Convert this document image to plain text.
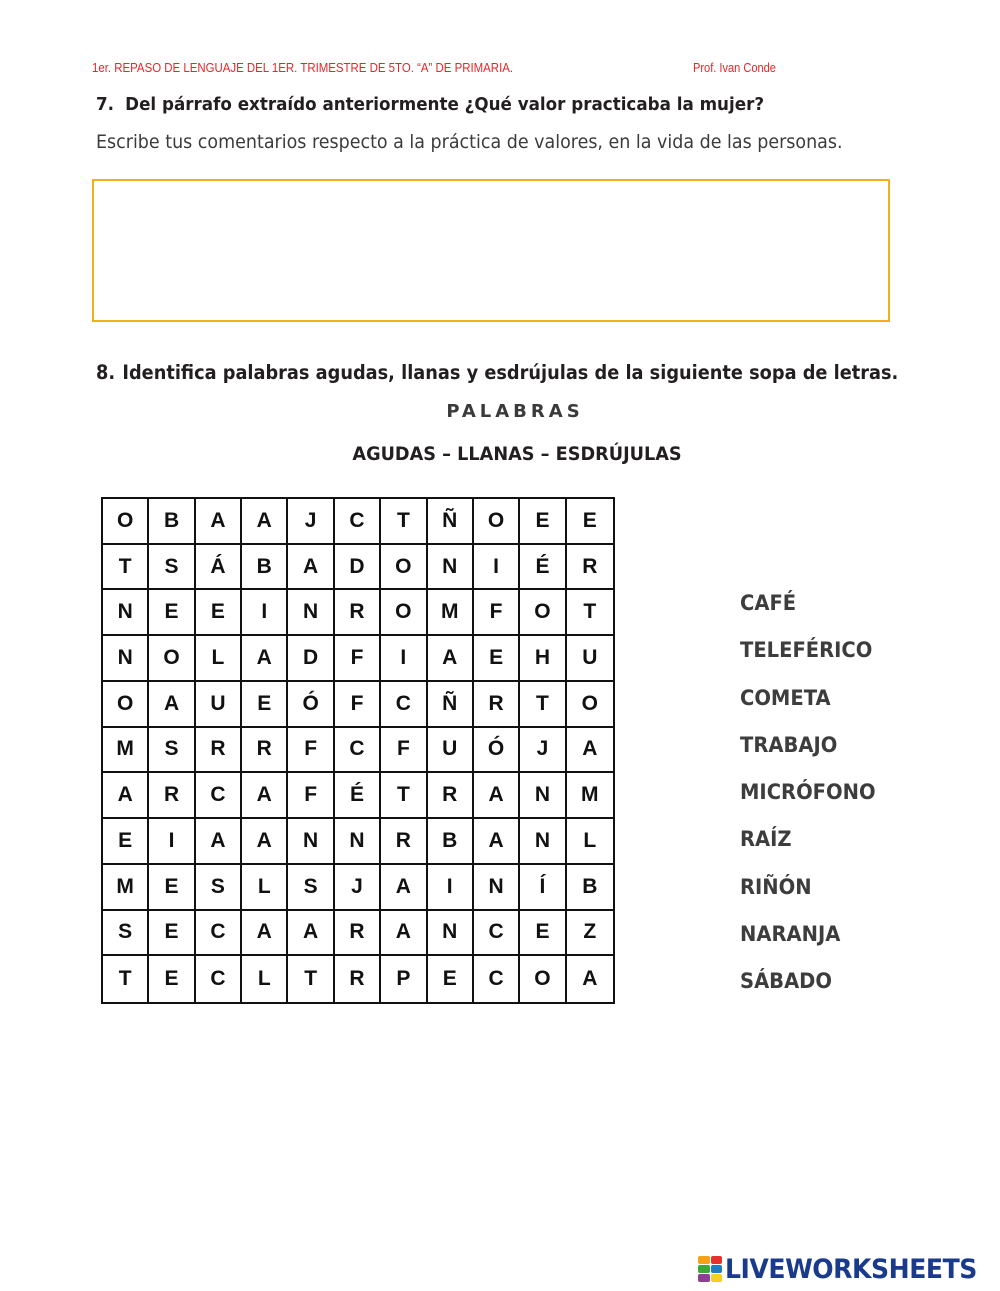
1er. REPASO DE LENGUAJE DEL 1ER. TRIMESTRE DE 5TO. “A” DE PRIMARIA.	Prof. Ivan Conde
7. Del párrafo extraído anteriormente ¿Qué valor practicaba la mujer?
Escribe tus comentarios respecto a la práctica de valores, en la vida de las personas.
8. Identifica palabras agudas, llanas y esdrújulas de la siguiente sopa de letras.
PALABRAS
AGUDAS – LLANAS – ESDRÚJULAS
O	B	A	A	J	C	T	Ñ	O	E	E
T	S	Á	B	A	D	O	N	I	É	R
N	E	E	I	N	R	O	M	F	O	T
N	O	L	A	D	F	I	A	E	H	U
O	A	U	E	Ó	F	C	Ñ	R	T	O
M	S	R	R	F	C	F	U	Ó	J	A
A	R	C	A	F	É	T	R	A	N	M
E	I	A	A	N	N	R	B	A	N	L
M	E	S	L	S	J	A	I	N	Í	B
S	E	C	A	A	R	A	N	C	E	Z
T	E	C	L	T	R	P	E	C	O	A
CAFÉ
TELEFÉRICO
COMETA
TRABAJO
MICRÓFONO
RAÍZ
RIÑÓN
NARANJA
SÁBADO
LIVEWORKSHEETS
